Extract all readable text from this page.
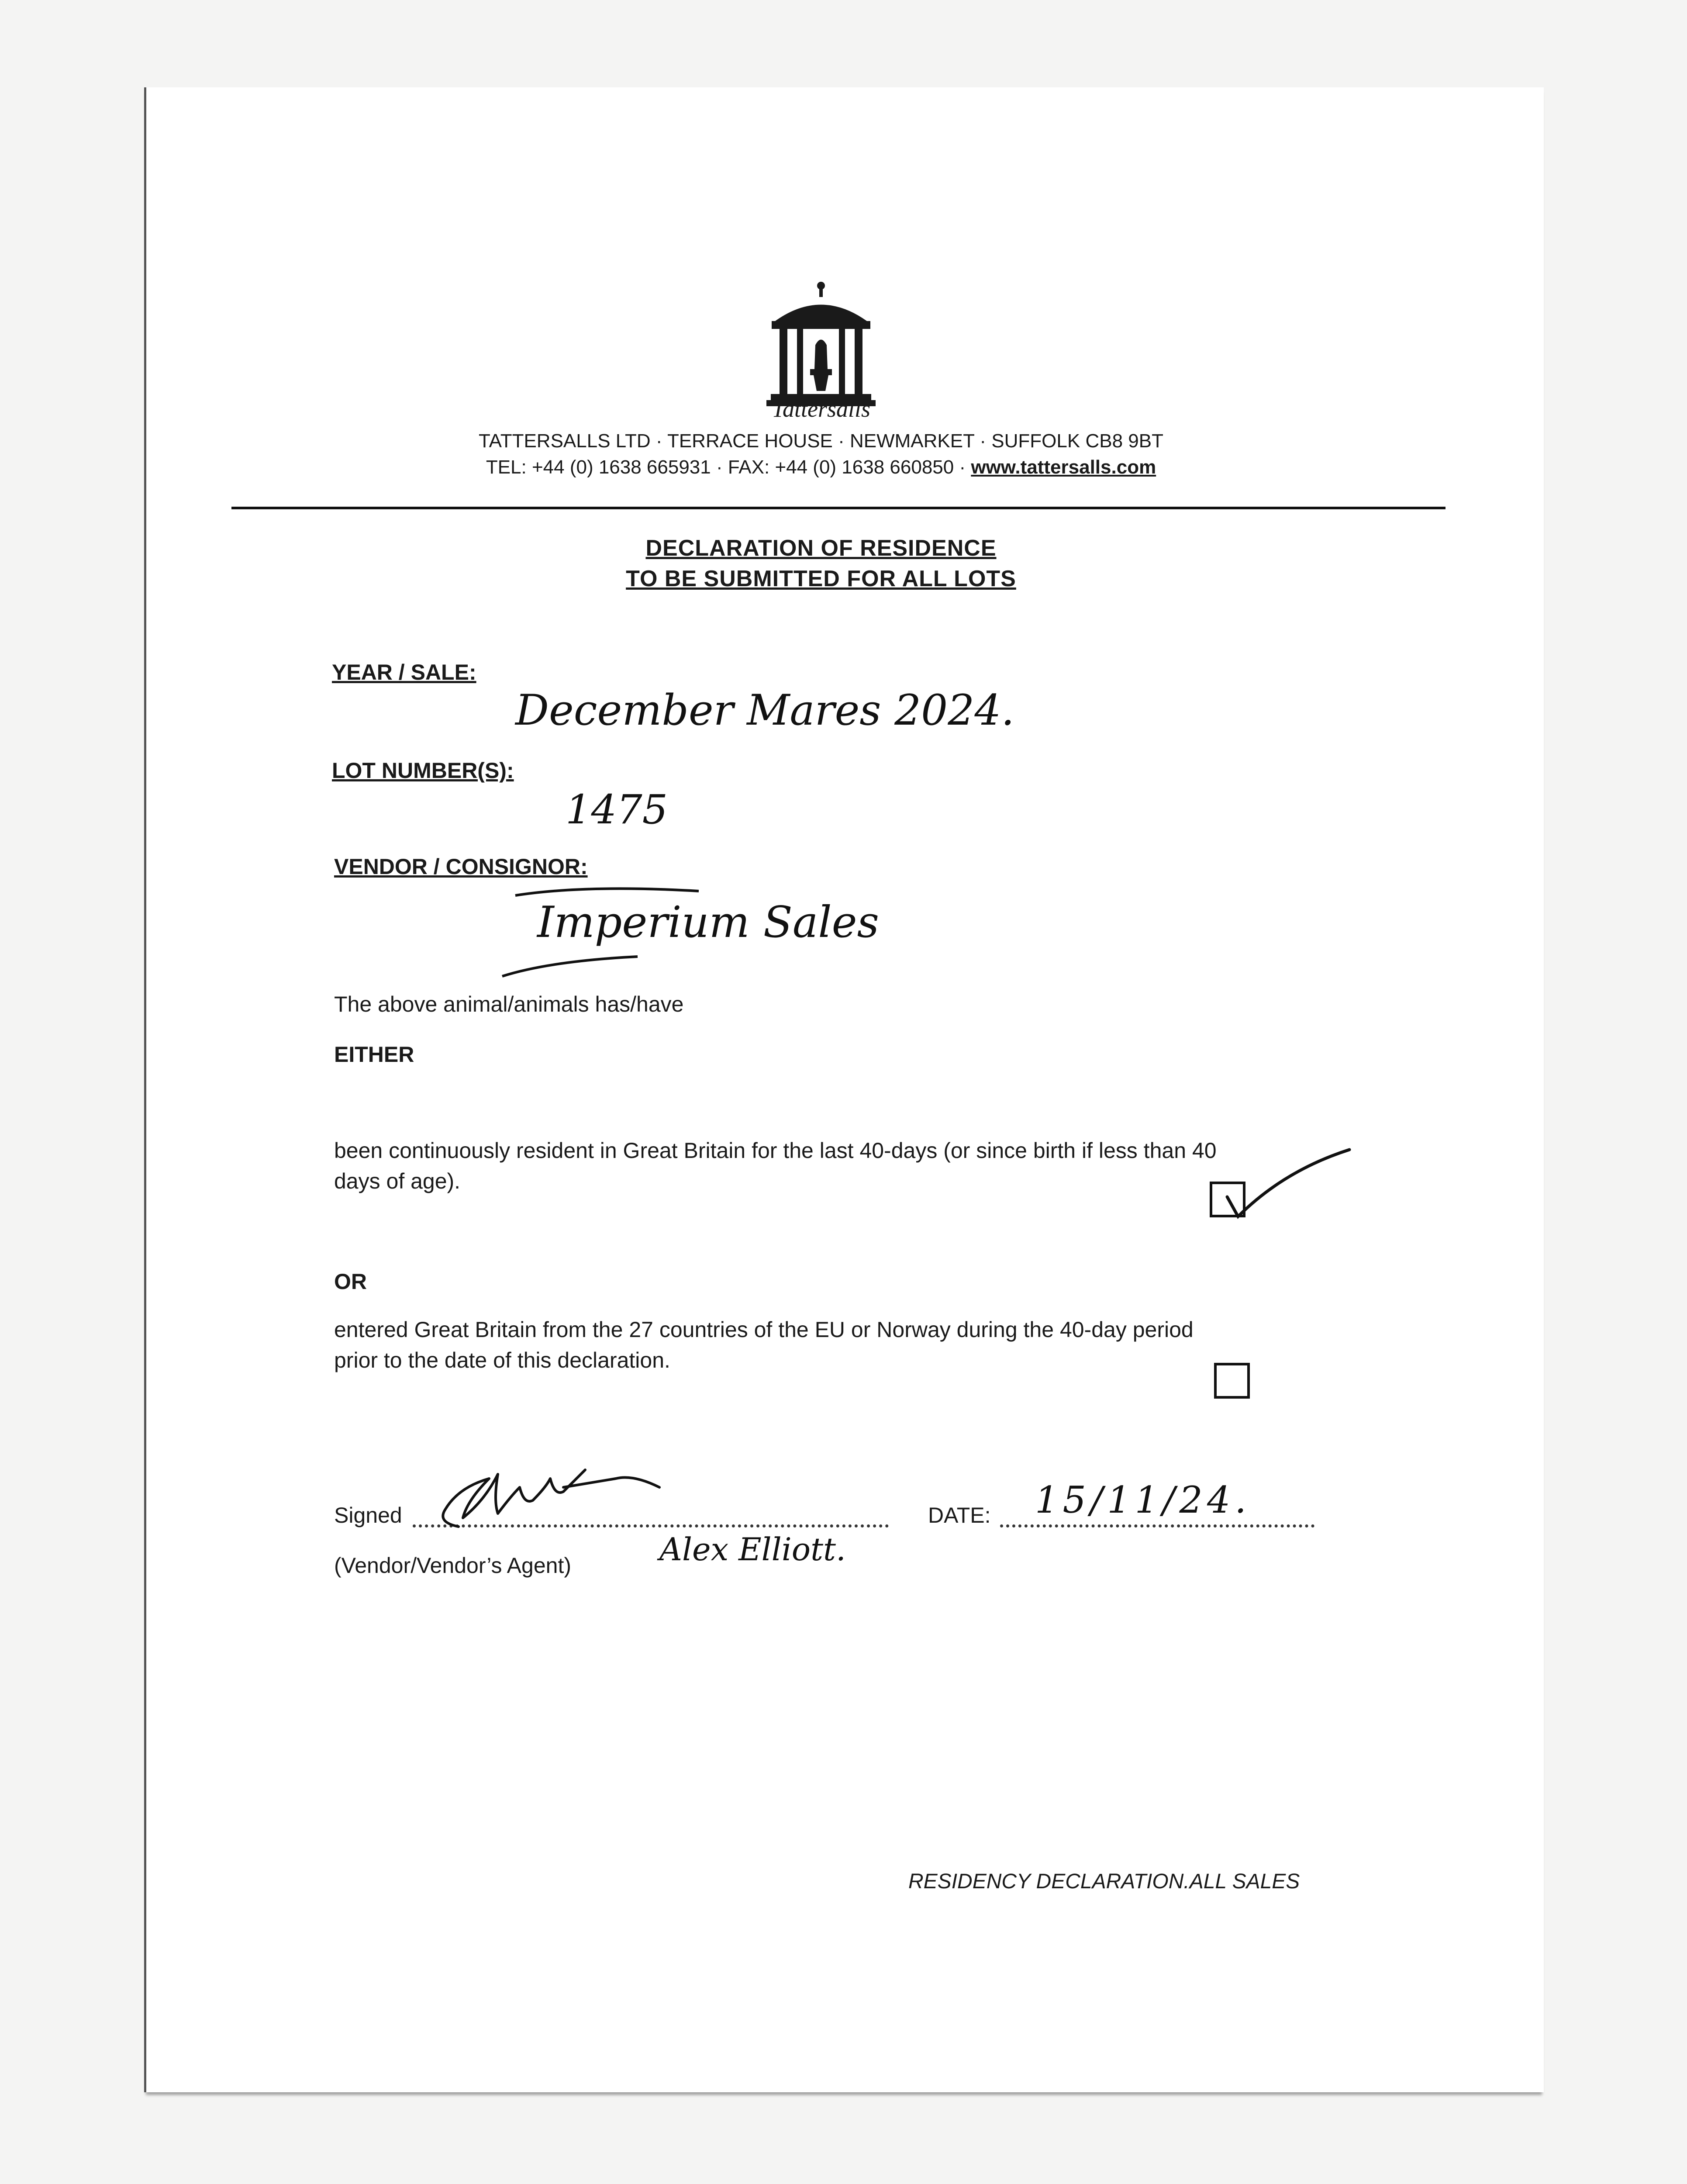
Tattersalls
TATTERSALLS LTD · TERRACE HOUSE · NEWMARKET · SUFFOLK CB8 9BT
TEL: +44 (0) 1638 665931 · FAX: +44 (0) 1638 660850 · www.tattersalls.com
DECLARATION OF RESIDENCE
TO BE SUBMITTED FOR ALL LOTS
YEAR / SALE:
December Mares 2024.
LOT NUMBER(S):
1475
VENDOR / CONSIGNOR:
Imperium Sales
The above animal/animals has/have
EITHER
been continuously resident in Great Britain for the last 40-days (or since birth if less than 40
days of age).
OR
entered Great Britain from the 27 countries of the EU or Norway during the 40-day period
prior to the date of this declaration.
Signed
(Vendor/Vendor’s Agent)	Alex Elliott.
DATE: 15/11/24.
RESIDENCY DECLARATION.ALL SALES
